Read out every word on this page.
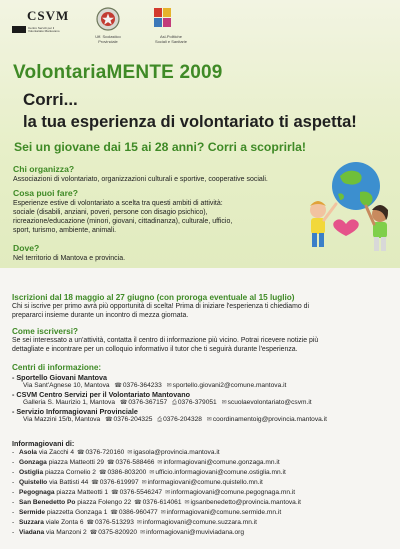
CSVM
Centro Servizi per il Volontariato Mantovano
Uff. Scolastico
Provinciale
Asl-Politiche
Sociali e Sanitarie
VolontariaMENTE 2009
Corri...
la tua esperienza di volontariato ti aspetta!
Sei un giovane dai 15 ai 28 anni? Corri a scoprirla!
Chi organizza?
Associazioni di volontariato, organizzazioni culturali e sportive, cooperative sociali.
Cosa puoi fare?
Esperienze estive di volontariato a scelta tra questi ambiti di attività:
sociale (disabili, anziani, poveri, persone con disagio psichico),
ricreazione/educazione (minori, giovani, cittadinanza), culturale, ufficio,
sport, turismo, ambiente, animali.
Dove?
Nel territorio di Mantova e provincia.
Iscrizioni dal 18 maggio al 27 giugno (con proroga eventuale al 15 luglio)
Chi si iscrive per primo avrà più opportunità di scelta! Prima di iniziare l'esperienza ti chiediamo di
prepararci insieme durante un incontro di mezza giornata.
Come iscriversi?
Se sei interessato a un'attività, contatta il centro di informazione più vicino. Potrai ricevere notizie più
dettagliate e incontrare per un colloquio informativo il tutor che ti seguirà durante l'esperienza.
Centri di informazione:
- Sportello Giovani Mantova
Via Sant'Agnese 10, Mantova ☎0376-364233 ✉sportello.giovani2@comune.mantova.it
- CSVM Centro Servizi per il Volontariato Mantovano
Galleria S. Maurizio 1, Mantova ☎0376-367157 ⎙0376-379051 ✉scuolaevolontariato@csvm.it
- Servizio Informagiovani Provinciale
Via Mazzini 15/b, Mantova ☎0376-204325 ⎙0376-204328 ✉coordinamentoig@provincia.mantova.it
Informagiovani di:
- Asola via Zacchi 4 ☎0376-720160 ✉igasola@provincia.mantova.it
- Gonzaga piazza Matteotti 29 ☎0376-588466 ✉informagiovani@comune.gonzaga.mn.it
- Ostiglia piazza Cornelio 2 ☎0386-803200 ✉ufficio.informagiovani@comune.ostiglia.mn.it
- Quistello via Battisti 44 ☎0376-619997 ✉informagiovani@comune.quistello.mn.it
- Pegognaga piazza Matteotti 1 ☎0376-5546247 ✉informagiovani@comune.pegognaga.mn.it
- San Benedetto Po piazza Folengo 22 ☎0376-614061 ✉igsanbenedetto@provincia.mantova.it
- Sermide piazzetta Gonzaga 1 ☎0386-960477 ✉informagiovani@comune.sermide.mn.it
- Suzzara viale Zonta 6 ☎0376-513293 ✉informagiovani@comune.suzzara.mn.it
- Viadana via Manzoni 2 ☎0375-820920 ✉informagiovani@muviviadana.org
